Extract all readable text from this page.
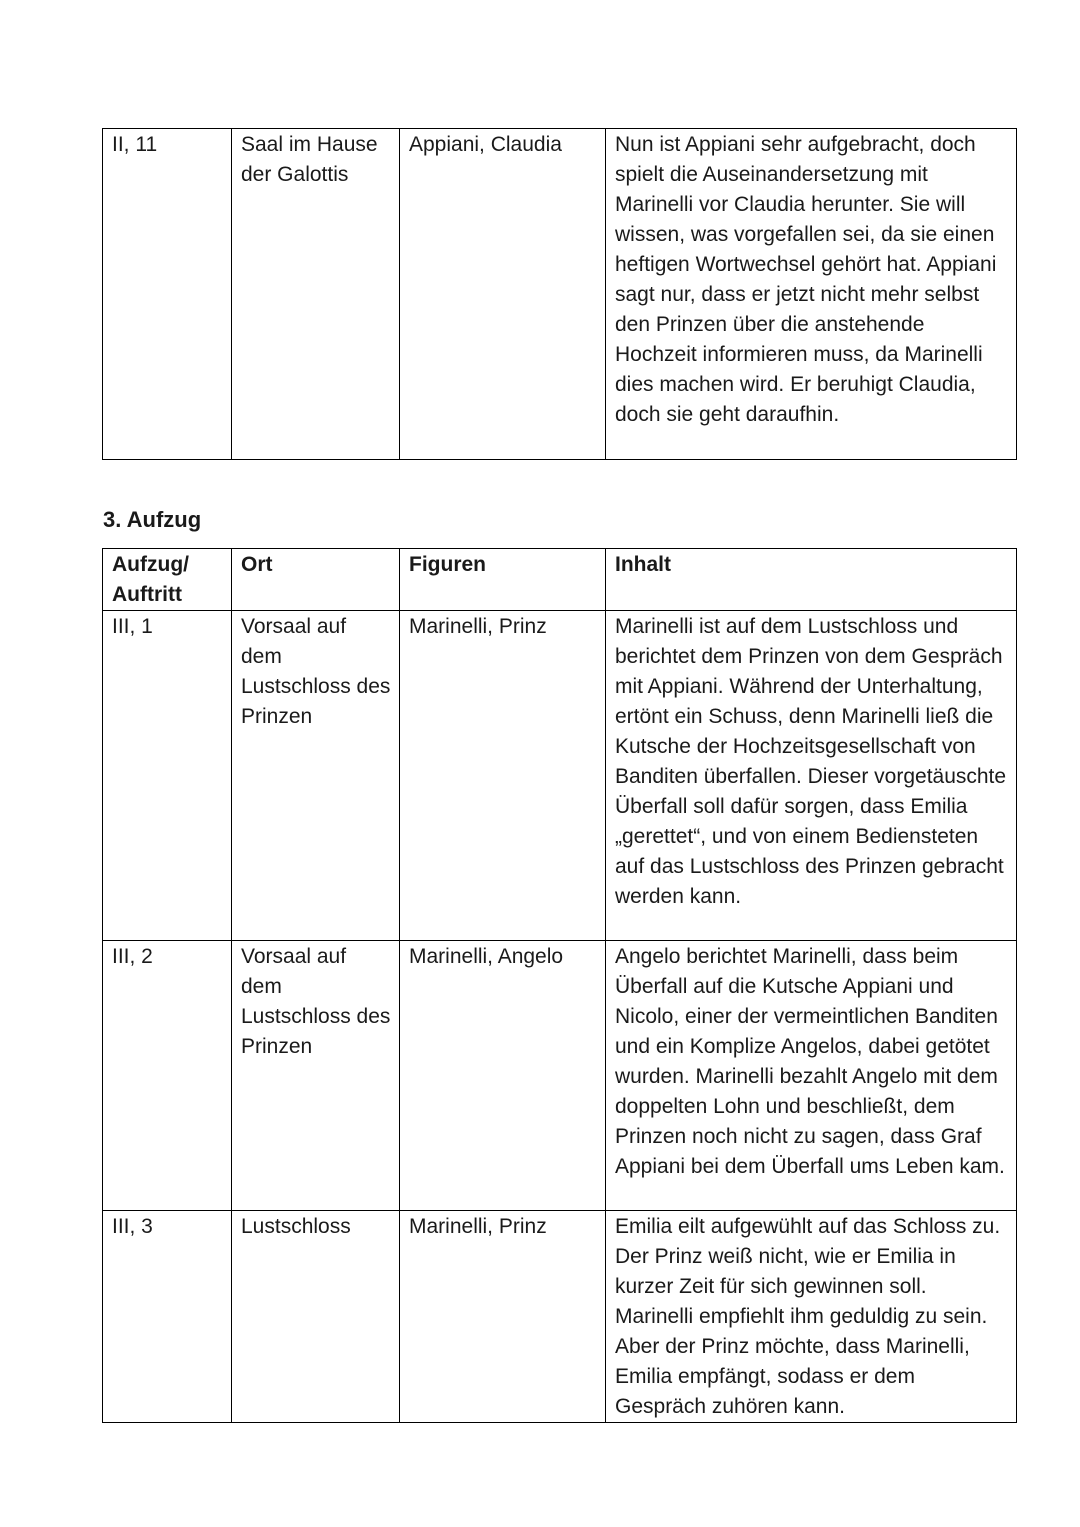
II, 11	Saal im Hause der Galottis	Appiani, Claudia	Nun ist Appiani sehr aufgebracht, doch spielt die Auseinandersetzung mit Marinelli vor Claudia herunter. Sie will wissen, was vorgefallen sei, da sie einen heftigen Wortwechsel gehört hat. Appiani sagt nur, dass er jetzt nicht mehr selbst den Prinzen über die anstehende Hochzeit informieren muss, da Marinelli dies machen wird. Er beruhigt Claudia, doch sie geht daraufhin.
3. Aufzug
Aufzug/ Auftritt	Ort	Figuren	Inhalt
III, 1	Vorsaal auf dem Lustschloss des Prinzen	Marinelli, Prinz	Marinelli ist auf dem Lustschloss und berichtet dem Prinzen von dem Gespräch mit Appiani. Während der Unterhaltung, ertönt ein Schuss, denn Marinelli ließ die Kutsche der Hochzeitsgesellschaft von Banditen überfallen. Dieser vorgetäuschte Überfall soll dafür sorgen, dass Emilia „gerettet“, und von einem Bediensteten auf das Lustschloss des Prinzen gebracht werden kann.
III, 2	Vorsaal auf dem Lustschloss des Prinzen	Marinelli, Angelo	Angelo berichtet Marinelli, dass beim Überfall auf die Kutsche Appiani und Nicolo, einer der vermeintlichen Banditen und ein Komplize Angelos, dabei getötet wurden. Marinelli bezahlt Angelo mit dem doppelten Lohn und beschließt, dem Prinzen noch nicht zu sagen, dass Graf Appiani bei dem Überfall ums Leben kam.
III, 3	Lustschloss	Marinelli, Prinz	Emilia eilt aufgewühlt auf das Schloss zu. Der Prinz weiß nicht, wie er Emilia in kurzer Zeit für sich gewinnen soll. Marinelli empfiehlt ihm geduldig zu sein. Aber der Prinz möchte, dass Marinelli, Emilia empfängt, sodass er dem Gespräch zuhören kann.
